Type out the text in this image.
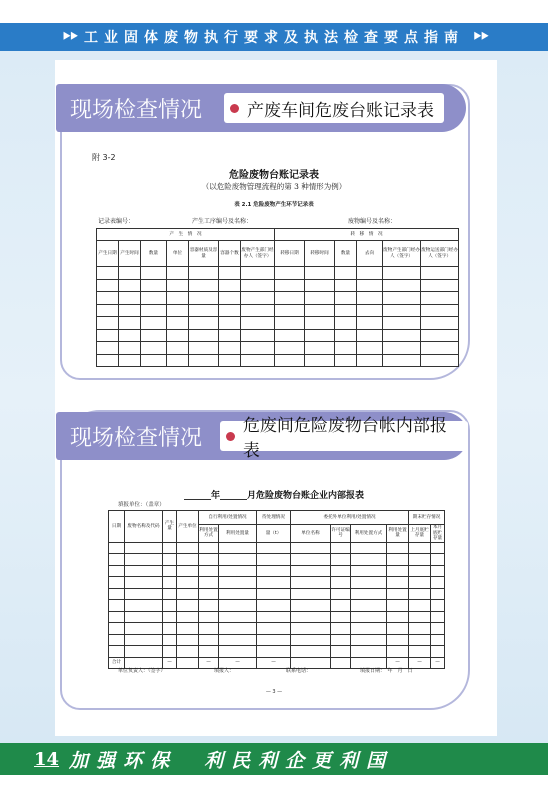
⯈⯈ 工业固体废物执行要求及执法检查要点指南 ⯈⯈
现场检查情况	产废车间危废台账记录表
附 3-2
危险废物台账记录表
（以危险废物管理流程的第 3 种情形为例）
表 2.1 危险废物产生环节记录表
记录表编号：	产生工序编号及名称：	废物编号及名称：
产　生　情　况							转　移　情　况					
产生日期	产生时间	数量	单位	容器材质及容量	容器个数	废物产生部门经办人（签字）	转移日期	转移时间	数量	去向	废物产生部门经办人（签字）	废物运送部门经办人（签字）

现场检查情况	危废间危险废物台帐内部报表
______年______月危险废物台账企业内部报表
填报单位：（盖章）
日期	废物名称及代码	产生量	产生单位	自行利用/处置情况		待处理情况	委托外单位利用/处置情况				期末贮存情况	
				利用处置方式	利用处置量	量（t）	单位名称	许可证编号	利用处置方式	利用处置量	上月底贮存量	本月底贮存量

合计		—		—	—	—				—	—	—
单位负责人：（签字）	填报人：	联系电话：	填报日期：　年　月　日
— 3 —
14 加强环保　利民利企更利国
